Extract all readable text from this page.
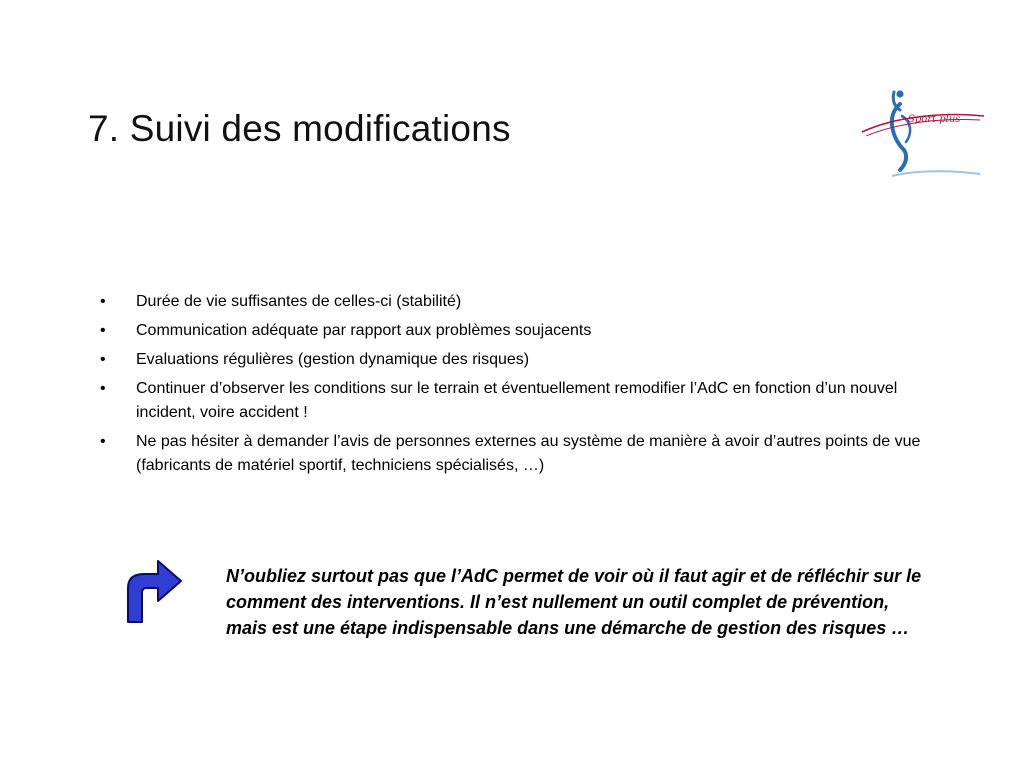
7. Suivi des modifications	Sport plus
• Durée de vie suffisantes de celles-ci (stabilité)
• Communication adéquate par rapport aux problèmes soujacents
• Evaluations régulières (gestion dynamique des risques)
• Continuer d’observer les conditions sur le terrain et éventuellement remodifier l’AdC en fonction d’un nouvel incident, voire accident !
• Ne pas hésiter à demander l’avis de personnes externes au système de manière à avoir d’autres points de vue (fabricants de matériel sportif, techniciens spécialisés, …)

N’oubliez surtout pas que l’AdC permet de voir où il faut agir et de réfléchir sur le comment des interventions. Il n’est nullement un outil complet de prévention, mais est une étape indispensable dans une démarche de gestion des risques …
